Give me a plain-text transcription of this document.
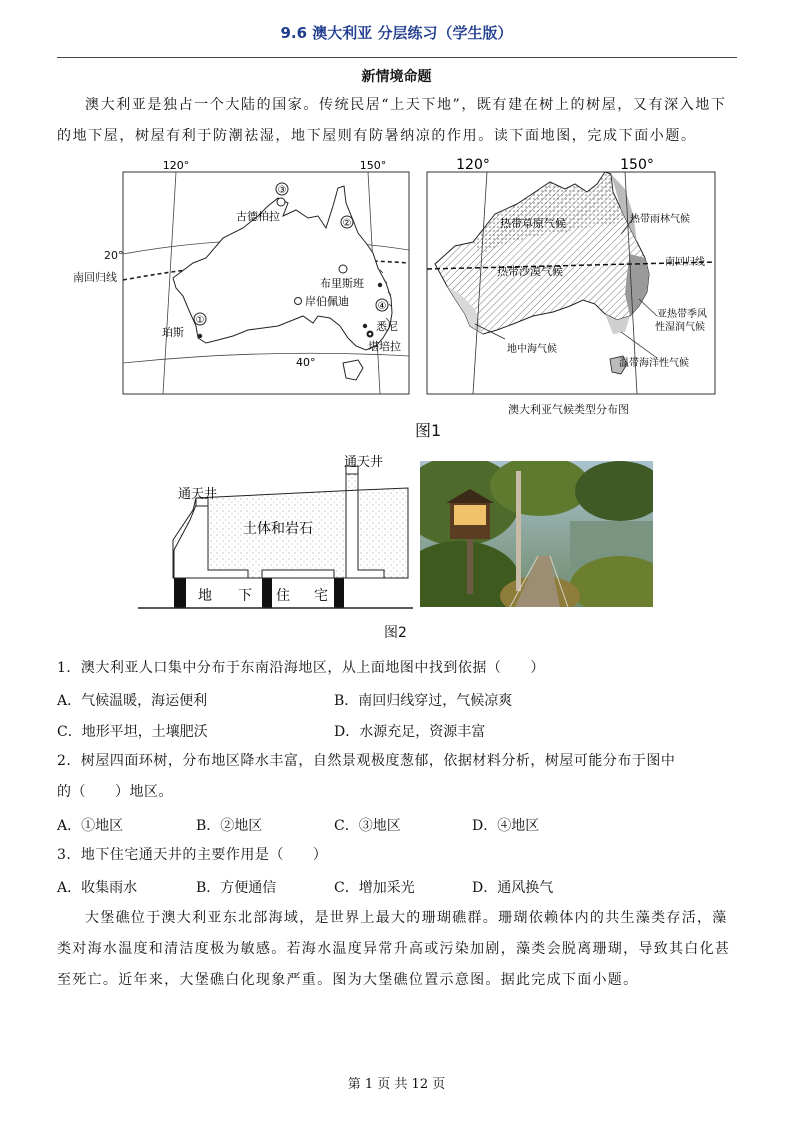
9.6 澳大利亚 分层练习（学生版）
新情境命题
澳大利亚是独占一个大陆的国家。传统民居“上天下地”，既有建在树上的树屋，又有深入地下的地下屋，树屋有利于防潮祛湿，地下屋则有防暑纳凉的作用。读下面地图，完成下面小题。
120°	150°
①
②
③
④
古德柏拉
布里斯班
岸伯佩迪
悉尼
堪培拉
珀斯
40°
20°
南回归线
120°	150°
热带草原气候	热带雨林气候
南回归线
热带沙漠气候
亚热带季风
性湿润气候
地中海气候
温带海洋性气候
澳大利亚气候类型分布图
图1
通天井
通天井
土体和岩石
地 下 住 宅
图2
1．澳大利亚人口集中分布于东南沿海地区，从上面地图中找到依据（　　）
A．气候温暖，海运便利	B．南回归线穿过，气候凉爽
C．地形平坦，土壤肥沃	D．水源充足，资源丰富
2．树屋四面环树，分布地区降水丰富，自然景观极度葱郁，依据材料分析，树屋可能分布于图中
的（　　）地区。
A．①地区	B．②地区	C．③地区	D．④地区
3．地下住宅通天井的主要作用是（　　）
A．收集雨水	B．方便通信	C．增加采光	D．通风换气
大堡礁位于澳大利亚东北部海域，是世界上最大的珊瑚礁群。珊瑚依赖体内的共生藻类存活，藻类对海水温度和清洁度极为敏感。若海水温度异常升高或污染加剧，藻类会脱离珊瑚，导致其白化甚至死亡。近年来，大堡礁白化现象严重。图为大堡礁位置示意图。据此完成下面小题。
第 1 页 共 12 页
